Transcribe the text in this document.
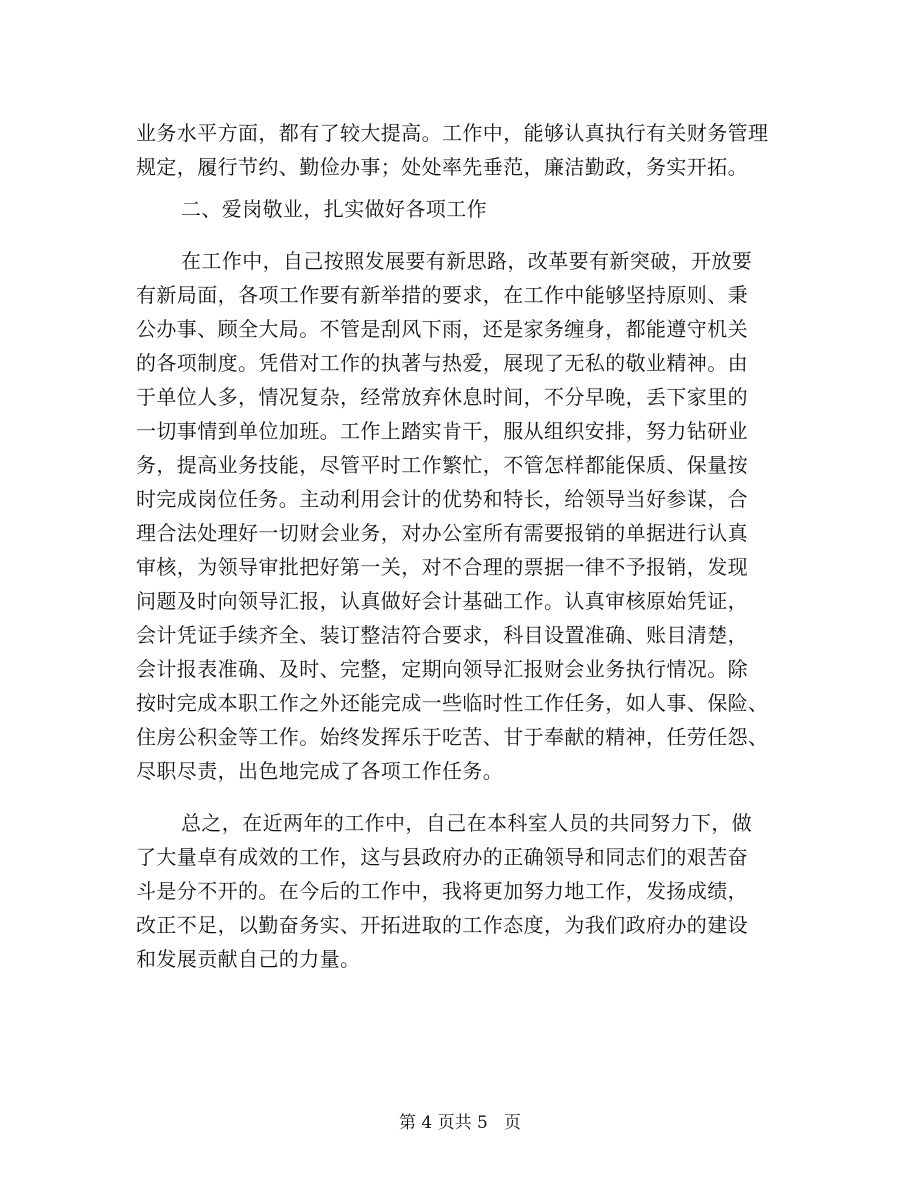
业务水平方面，都有了较大提高。工作中，能够认真执行有关财务管理
规定，履行节约、勤俭办事；处处率先垂范，廉洁勤政，务实开拓。
二、爱岗敬业，扎实做好各项工作
在工作中，自己按照发展要有新思路，改革要有新突破，开放要
有新局面，各项工作要有新举措的要求，在工作中能够坚持原则、秉
公办事、顾全大局。不管是刮风下雨，还是家务缠身，都能遵守机关
的各项制度。凭借对工作的执著与热爱，展现了无私的敬业精神。由
于单位人多，情况复杂，经常放弃休息时间，不分早晚，丢下家里的
一切事情到单位加班。工作上踏实肯干，服从组织安排，努力钻研业
务，提高业务技能，尽管平时工作繁忙，不管怎样都能保质、保量按
时完成岗位任务。主动利用会计的优势和特长，给领导当好参谋，合
理合法处理好一切财会业务，对办公室所有需要报销的单据进行认真
审核，为领导审批把好第一关，对不合理的票据一律不予报销，发现
问题及时向领导汇报，认真做好会计基础工作。认真审核原始凭证，
会计凭证手续齐全、装订整洁符合要求，科目设置准确、账目清楚，
会计报表准确、及时、完整，定期向领导汇报财会业务执行情况。除
按时完成本职工作之外还能完成一些临时性工作任务，如人事、保险、
住房公积金等工作。始终发挥乐于吃苦、甘于奉献的精神，任劳任怨、
尽职尽责，出色地完成了各项工作任务。
总之，在近两年的工作中，自己在本科室人员的共同努力下，做
了大量卓有成效的工作，这与县政府办的正确领导和同志们的艰苦奋
斗是分不开的。在今后的工作中，我将更加努力地工作，发扬成绩，
改正不足，以勤奋务实、开拓进取的工作态度，为我们政府办的建设
和发展贡献自己的力量。
第 4 页共 5   页
